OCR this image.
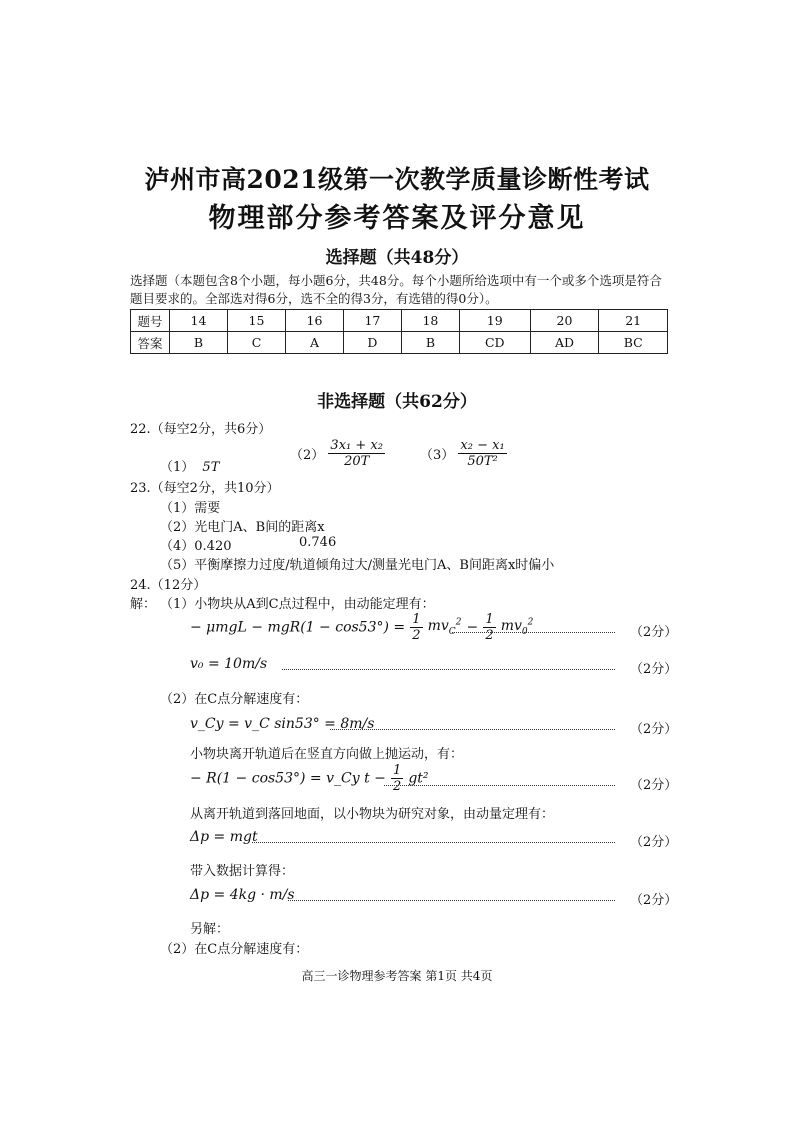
泸州市高2021级第一次教学质量诊断性考试
物理部分参考答案及评分意见
选择题（共48分）
选择题（本题包含8个小题，每小题6分，共48分。每个小题所给选项中有一个或多个选项是符合题目要求的。全部选对得6分，选不全的得3分，有选错的得0分）。
题号	14	15	16	17	18	19	20	21
答案	B	C	A	D	B	CD	AD	BC
非选择题（共62分）
22.（每空2分，共6分）
（1） 5T
$(2) \frac{\text{3x₁ + x₂}}{20T}$	$(3) \frac{\text{x₂ − x₁}}{\text{50T²}}$
23.（每空2分，共10分）
（1）需要
（2）光电门A、B间的距离x
（4）0.420	0.746
（5）平衡摩擦力过度/轨道倾角过大/测量光电门A、B间距离x时偏小
24.（12分）
解： （1）小物块从A到C点过程中，由动能定理有：
− $\mu mgL - mgR(1 - \cos 53^\circ) = \frac{1}{2} mv_C^2 - \frac{1}{2} mv_0^2$
（2分）
v₀ = 10m/s	（2分）
（2）在C点分解速度有：
v_Cy = v_C sin53° = 8m/s	（2分）
小物块离开轨道后在竖直方向做上抛运动，有：
− R(1 − cos53°) = v_Cy $t - \frac{1}{2} gt^2$	（2分）
从离开轨道到落回地面，以小物块为研究对象，由动量定理有：
Δp = mgt	（2分）
带入数据计算得：
Δp = 4kg · m/s	（2分）
另解：
（2）在C点分解速度有：
高三一诊物理参考答案 第1页 共4页
